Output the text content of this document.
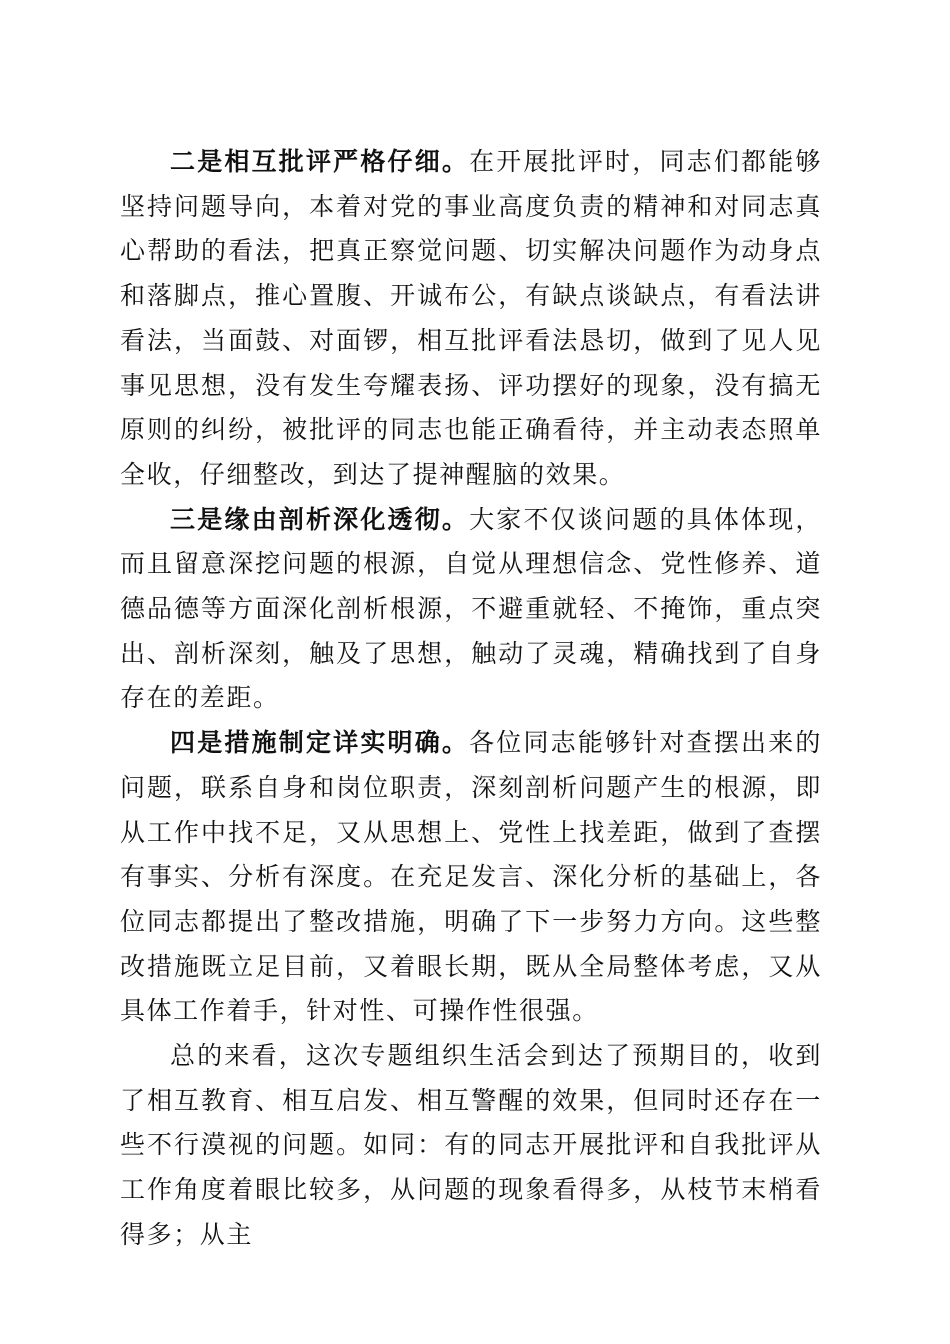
二是相互批评严格仔细。在开展批评时，同志们都能够坚持问题导向，本着对党的事业高度负责的精神和对同志真心帮助的看法，把真正察觉问题、切实解决问题作为动身点和落脚点，推心置腹、开诚布公，有缺点谈缺点，有看法讲看法，当面鼓、对面锣，相互批评看法恳切，做到了见人见事见思想，没有发生夸耀表扬、评功摆好的现象，没有搞无原则的纠纷，被批评的同志也能正确看待，并主动表态照单全收，仔细整改，到达了提神醒脑的效果。

三是缘由剖析深化透彻。大家不仅谈问题的具体体现，而且留意深挖问题的根源，自觉从理想信念、党性修养、道德品德等方面深化剖析根源，不避重就轻、不掩饰，重点突出、剖析深刻，触及了思想，触动了灵魂，精确找到了自身存在的差距。

四是措施制定详实明确。各位同志能够针对查摆出来的问题，联系自身和岗位职责，深刻剖析问题产生的根源，即从工作中找不足，又从思想上、党性上找差距，做到了查摆有事实、分析有深度。在充足发言、深化分析的基础上，各位同志都提出了整改措施，明确了下一步努力方向。这些整改措施既立足目前，又着眼长期，既从全局整体考虑，又从具体工作着手，针对性、可操作性很强。

总的来看，这次专题组织生活会到达了预期目的，收到了相互教育、相互启发、相互警醒的效果，但同时还存在一些不行漠视的问题。如同：有的同志开展批评和自我批评从工作角度着眼比较多，从问题的现象看得多，从枝节末梢看得多；从主
